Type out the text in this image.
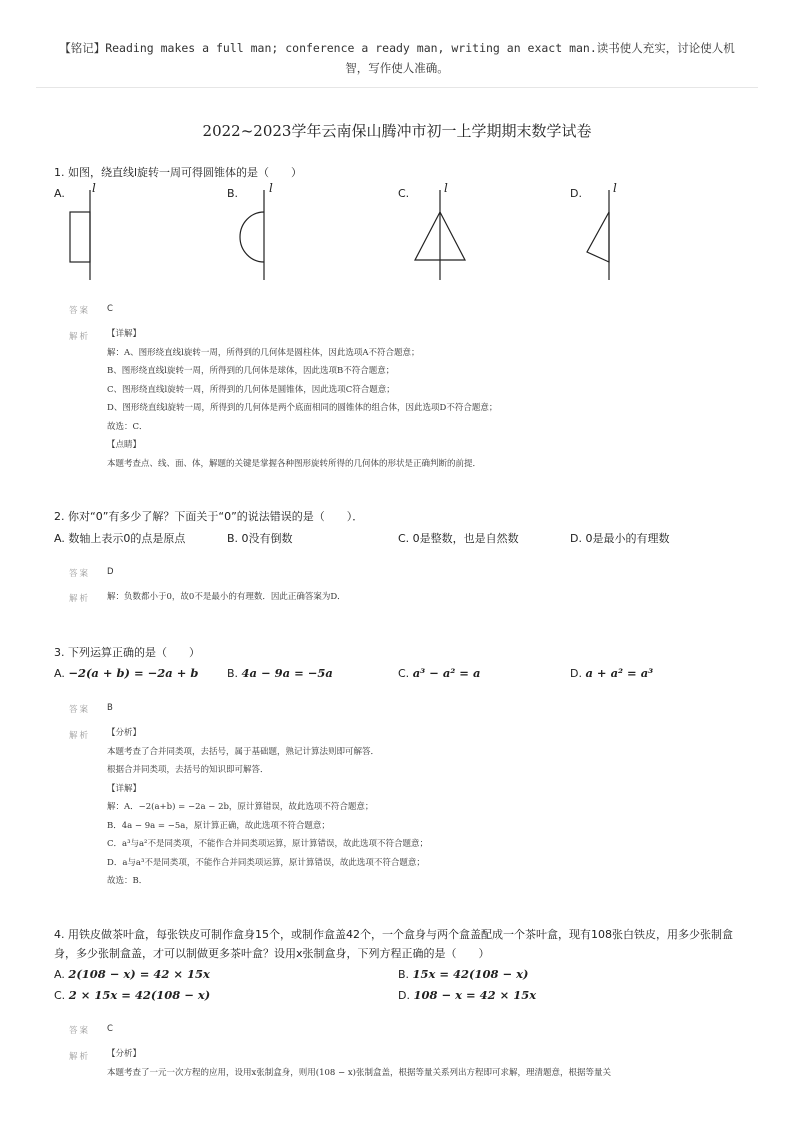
【铭记】Reading makes a full man; conference a ready man, writing an exact man.读书使人充实，讨论使人机
智，写作使人准确。
2022~2023学年云南保山腾冲市初一上学期期末数学试卷
1. 如图，绕直线l旋转一周可得圆锥体的是（　　）
A.	B.	C.	D.
l	l	l	l
答案 C
解析 【详解】
解：A、图形绕直线l旋转一周，所得到的几何体是圆柱体，因此选项A不符合题意；
B、图形绕直线l旋转一周，所得到的几何体是球体，因此选项B不符合题意；
C、图形绕直线l旋转一周，所得到的几何体是圆锥体，因此选项C符合题意；
D、图形绕直线l旋转一周，所得到的几何体是两个底面相同的圆锥体的组合体，因此选项D不符合题意；
故选：C．
【点睛】
本题考查点、线、面、体，解题的关键是掌握各种图形旋转所得的几何体的形状是正确判断的前提．
2. 你对“0”有多少了解？下面关于“0”的说法错误的是（　　）．
A. 数轴上表示0的点是原点	B. 0没有倒数	C. 0是整数，也是自然数	D. 0是最小的有理数
答案 D
解析 解：负数都小于0，故0不是最小的有理数．因此正确答案为D．
3. 下列运算正确的是（　　）
A. −2(a + b) = −2a + b	B. 4a − 9a = −5a	C. a³ − a² = a	D. a + a² = a³
答案 B
解析 【分析】
本题考查了合并同类项，去括号，属于基础题，熟记计算法则即可解答．
根据合并同类项，去括号的知识即可解答．
【详解】
解：A．−2(a+b) = −2a − 2b，原计算错误，故此选项不符合题意；
B．4a − 9a = −5a，原计算正确，故此选项不符合题意；
C．a³与a²不是同类项，不能作合并同类项运算，原计算错误，故此选项不符合题意；
D．a与a³不是同类项，不能作合并同类项运算，原计算错误，故此选项不符合题意；
故选：B．
4. 用铁皮做茶叶盒，每张铁皮可制作盒身15个，或制作盒盖42个，一个盒身与两个盒盖配成一个茶叶盒，现有108张白铁皮，用多少张制盒
身，多少张制盒盖，才可以制做更多茶叶盒？设用x张制盒身，下列方程正确的是（　　）
A. 2(108 − x) = 42 × 15x	B. 15x = 42(108 − x)
C. 2 × 15x = 42(108 − x)	D. 108 − x = 42 × 15x
答案 C
解析 【分析】
本题考查了一元一次方程的应用，设用x张制盒身，则用(108 − x)张制盒盖，根据等量关系列出方程即可求解，理清题意，根据等量关
